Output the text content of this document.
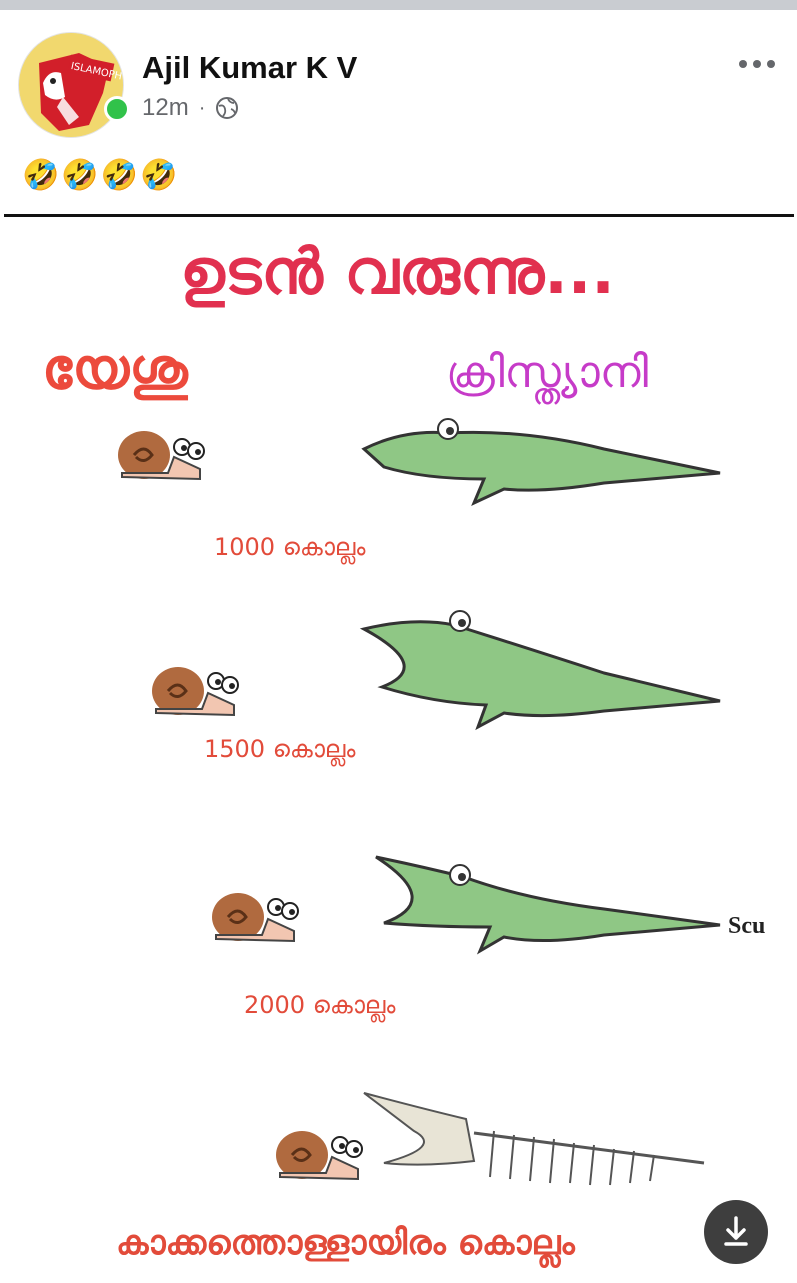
ISLAMOPH Ajil Kumar K V
12m ·
🤣🤣🤣🤣
ഉടൻ വരുന്നു...
യേശു	ക്രിസ്ത്യാനി
1000 കൊല്ലം
1500 കൊല്ലം
2000 കൊല്ലം
Scu
കാക്കത്തൊള്ളായിരം കൊല്ലം
